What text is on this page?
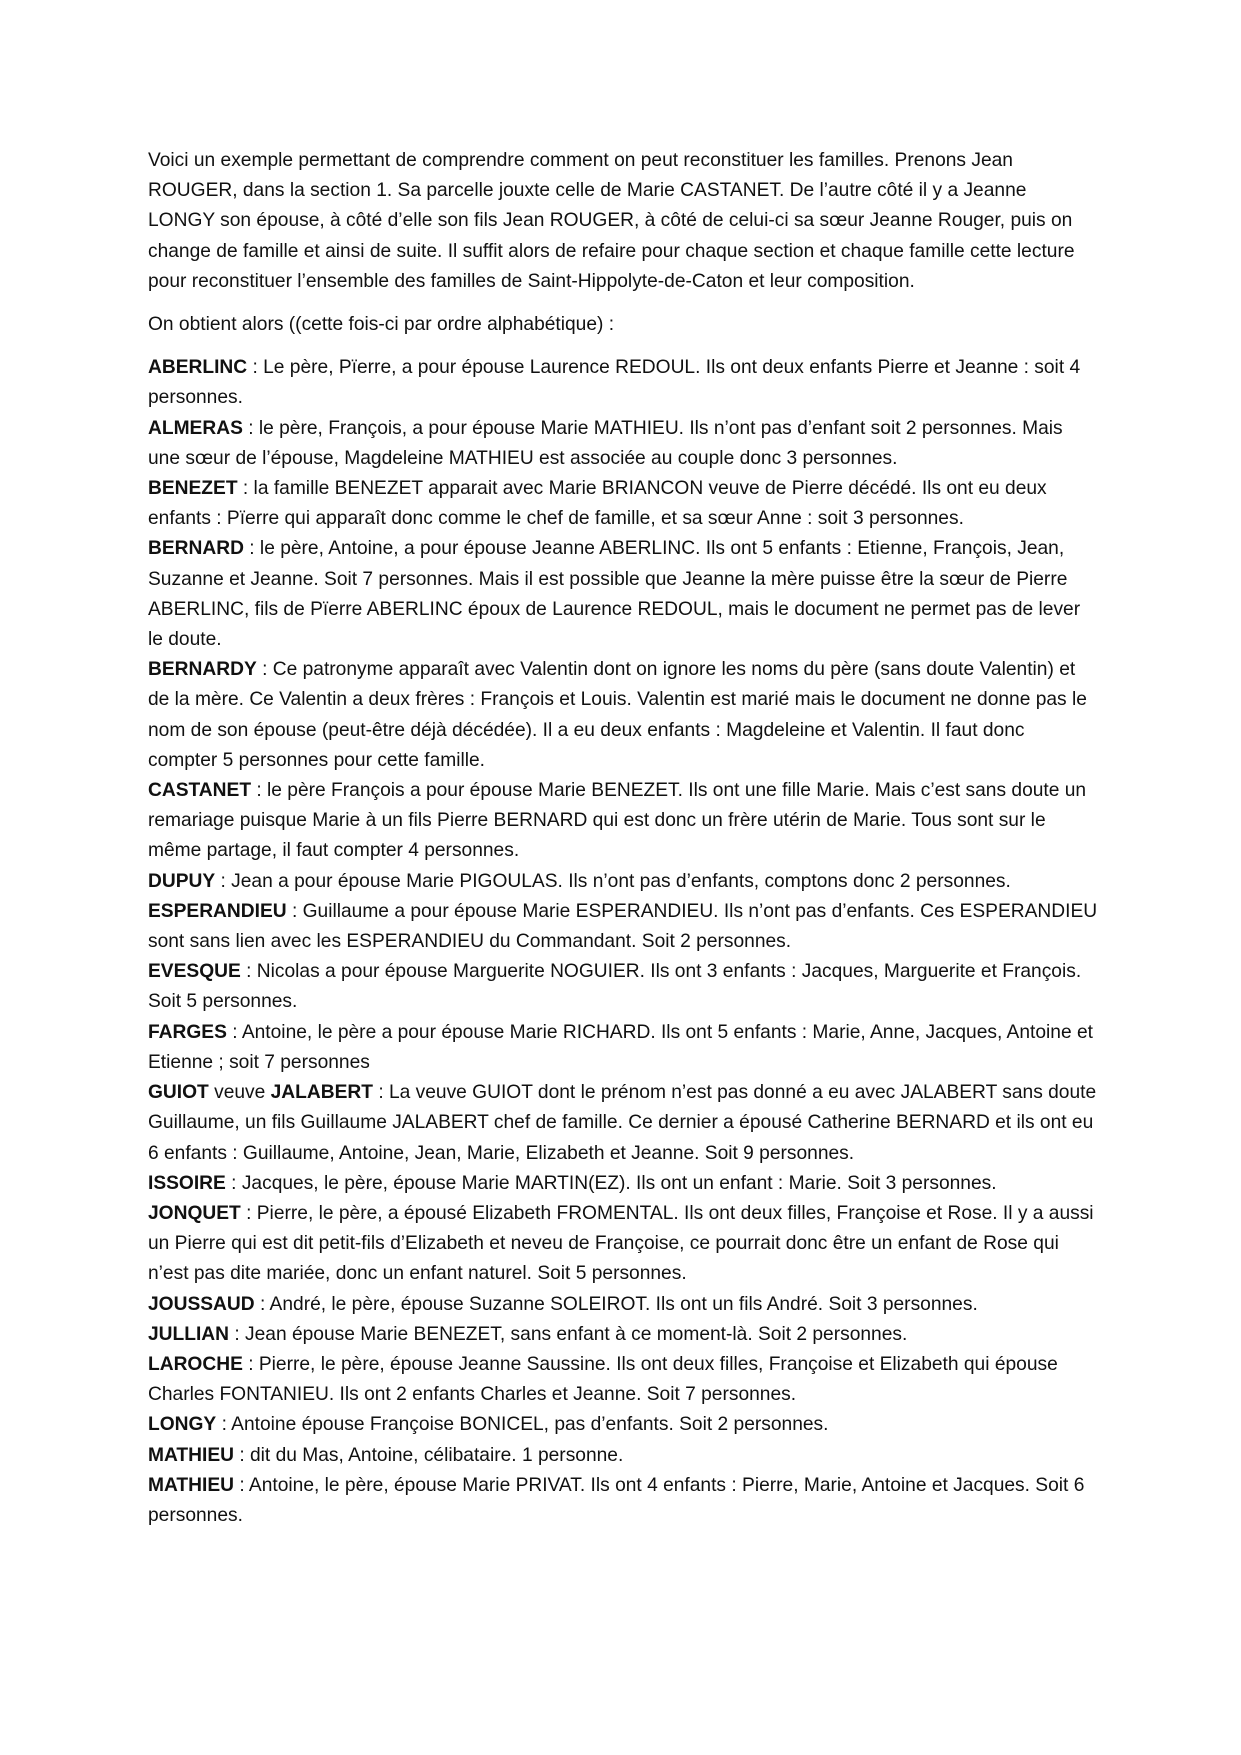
Voici un exemple permettant de comprendre comment on peut reconstituer les familles. Prenons Jean ROUGER, dans la section 1. Sa parcelle jouxte celle de Marie CASTANET. De l’autre côté il y a Jeanne LONGY son épouse, à côté d’elle son fils Jean ROUGER, à côté de celui-ci sa sœur Jeanne Rouger, puis on change de famille et ainsi de suite. Il suffit alors de refaire pour chaque section et chaque famille cette lecture pour reconstituer l’ensemble des familles de Saint-Hippolyte-de-Caton et leur composition.

On obtient alors ((cette fois-ci par ordre alphabétique) :

ABERLINC : Le père, Pïerre, a pour épouse Laurence REDOUL. Ils ont deux enfants Pierre et Jeanne : soit 4 personnes.

ALMERAS : le père, François, a pour épouse Marie MATHIEU. Ils n’ont pas d’enfant soit 2 personnes. Mais une sœur de l’épouse, Magdeleine MATHIEU est associée au couple donc 3 personnes.

BENEZET : la famille BENEZET apparait avec Marie BRIANCON veuve de Pierre décédé. Ils ont eu deux enfants : Pïerre qui apparaît donc comme le chef de famille, et sa sœur Anne : soit 3 personnes.

BERNARD : le père, Antoine, a pour épouse Jeanne ABERLINC. Ils ont 5 enfants : Etienne, François, Jean, Suzanne et Jeanne. Soit 7 personnes. Mais il est possible que Jeanne la mère puisse être la sœur de Pierre ABERLINC, fils de Pïerre ABERLINC époux de Laurence REDOUL, mais le document ne permet pas de lever le doute.

BERNARDY : Ce patronyme apparaît avec Valentin dont on ignore les noms du père (sans doute Valentin) et de la mère. Ce Valentin a deux frères : François et Louis. Valentin est marié mais le document ne donne pas le nom de son épouse (peut-être déjà décédée). Il a eu deux enfants : Magdeleine et Valentin. Il faut donc compter 5 personnes pour cette famille.

CASTANET : le père François a pour épouse Marie BENEZET. Ils ont une fille Marie. Mais c’est sans doute un remariage puisque Marie à un fils Pierre BERNARD qui est donc un frère utérin de Marie. Tous sont sur le même partage, il faut compter 4 personnes.

DUPUY : Jean a pour épouse Marie PIGOULAS. Ils n’ont pas d’enfants, comptons donc 2 personnes.

ESPERANDIEU : Guillaume a pour épouse Marie ESPERANDIEU. Ils n’ont pas d’enfants. Ces ESPERANDIEU sont sans lien avec les ESPERANDIEU du Commandant. Soit 2 personnes.

EVESQUE : Nicolas a pour épouse Marguerite NOGUIER. Ils ont 3 enfants : Jacques, Marguerite et François. Soit 5 personnes.

FARGES : Antoine, le père a pour épouse Marie RICHARD. Ils ont 5 enfants : Marie, Anne, Jacques, Antoine et Etienne ; soit 7 personnes

GUIOT veuve JALABERT : La veuve GUIOT dont le prénom n’est pas donné a eu avec JALABERT sans doute Guillaume, un fils Guillaume JALABERT chef de famille. Ce dernier a épousé Catherine BERNARD et ils ont eu 6 enfants : Guillaume, Antoine, Jean, Marie, Elizabeth et Jeanne. Soit 9 personnes.

ISSOIRE : Jacques, le père, épouse Marie MARTIN(EZ). Ils ont un enfant : Marie. Soit 3 personnes.

JONQUET : Pierre, le père, a épousé Elizabeth FROMENTAL. Ils ont deux filles, Françoise et Rose. Il y a aussi un Pierre qui est dit petit-fils d’Elizabeth et neveu de Françoise, ce pourrait donc être un enfant de Rose qui n’est pas dite mariée, donc un enfant naturel. Soit 5 personnes.

JOUSSAUD : André, le père, épouse Suzanne SOLEIROT. Ils ont un fils André. Soit 3 personnes.

JULLIAN : Jean épouse Marie BENEZET, sans enfant à ce moment-là. Soit 2 personnes.

LAROCHE : Pierre, le père, épouse Jeanne Saussine. Ils ont deux filles, Françoise et Elizabeth qui épouse Charles FONTANIEU. Ils ont 2 enfants Charles et Jeanne. Soit 7 personnes.

LONGY : Antoine épouse Françoise BONICEL, pas d’enfants. Soit 2 personnes.

MATHIEU : dit du Mas, Antoine, célibataire. 1 personne.

MATHIEU : Antoine, le père, épouse Marie PRIVAT. Ils ont 4 enfants : Pierre, Marie, Antoine et Jacques. Soit 6 personnes.
